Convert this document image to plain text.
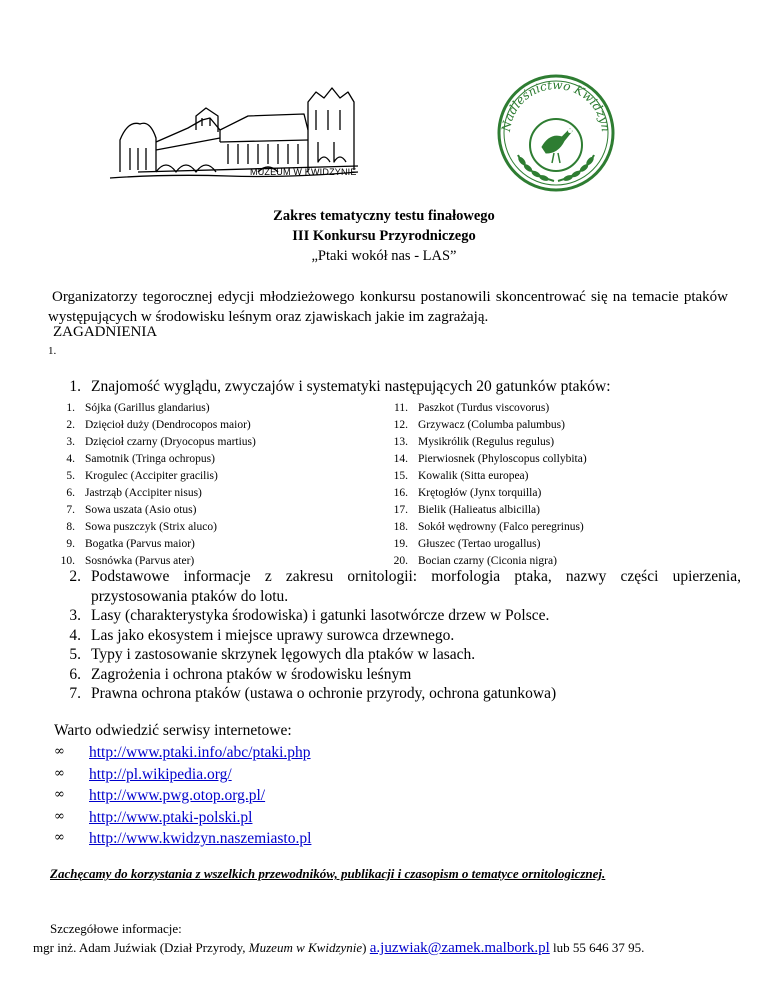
MUZEUM W KWIDZYNIE
Nadleśnictwo Kwidzyn
Zakres tematyczny testu finałowego
III Konkursu Przyrodniczego
„Ptaki wokół nas - LAS”
Organizatorzy tegorocznej edycji młodzieżowego konkursu postanowili skoncentrować się na temacie ptaków występujących w środowisku leśnym oraz zjawiskach jakie im zagrażają.
ZAGADNIENIA
1.
1. Znajomość wyglądu, zwyczajów i systematyki następujących 20 gatunków ptaków:
1. Sójka (Garillus glandarius)
2. Dzięcioł duży (Dendrocopos maior)
3. Dzięcioł czarny (Dryocopus martius)
4. Samotnik (Tringa ochropus)
5. Krogulec (Accipiter gracilis)
6. Jastrząb (Accipiter nisus)
7. Sowa uszata (Asio otus)
8. Sowa puszczyk (Strix aluco)
9. Bogatka (Parvus maior)
10. Sosnówka (Parvus ater)
11. Paszkot (Turdus viscovorus)
12. Grzywacz (Columba palumbus)
13. Mysikrólik (Regulus regulus)
14. Pierwiosnek (Phyloscopus collybita)
15. Kowalik (Sitta europea)
16. Krętogłów (Jynx torquilla)
17. Bielik (Halieatus albicilla)
18. Sokół wędrowny (Falco peregrinus)
19. Głuszec (Tertao urogallus)
20. Bocian czarny (Ciconia nigra)
2. Podstawowe informacje z zakresu ornitologii: morfologia ptaka, nazwy części upierzenia, przystosowania ptaków do lotu.
3. Lasy (charakterystyka środowiska) i gatunki lasotwórcze drzew w Polsce.
4. Las jako ekosystem i miejsce uprawy surowca drzewnego.
5. Typy i zastosowanie skrzynek lęgowych dla ptaków w lasach.
6. Zagrożenia i ochrona ptaków w środowisku leśnym
7. Prawna ochrona ptaków (ustawa o ochronie przyrody, ochrona gatunkowa)
Warto odwiedzić serwisy internetowe:
∞ http://www.ptaki.info/abc/ptaki.php
∞ http://pl.wikipedia.org/
∞ http://www.pwg.otop.org.pl/
∞ http://www.ptaki-polski.pl
∞ http://www.kwidzyn.naszemiasto.pl
Zachęcamy do korzystania z wszelkich przewodników, publikacji i czasopism o tematyce ornitologicznej.
Szczegółowe informacje:
mgr inż. Adam Juźwiak (Dział Przyrody, Muzeum w Kwidzynie) a.juzwiak@zamek.malbork.pl lub 55 646 37 95.
